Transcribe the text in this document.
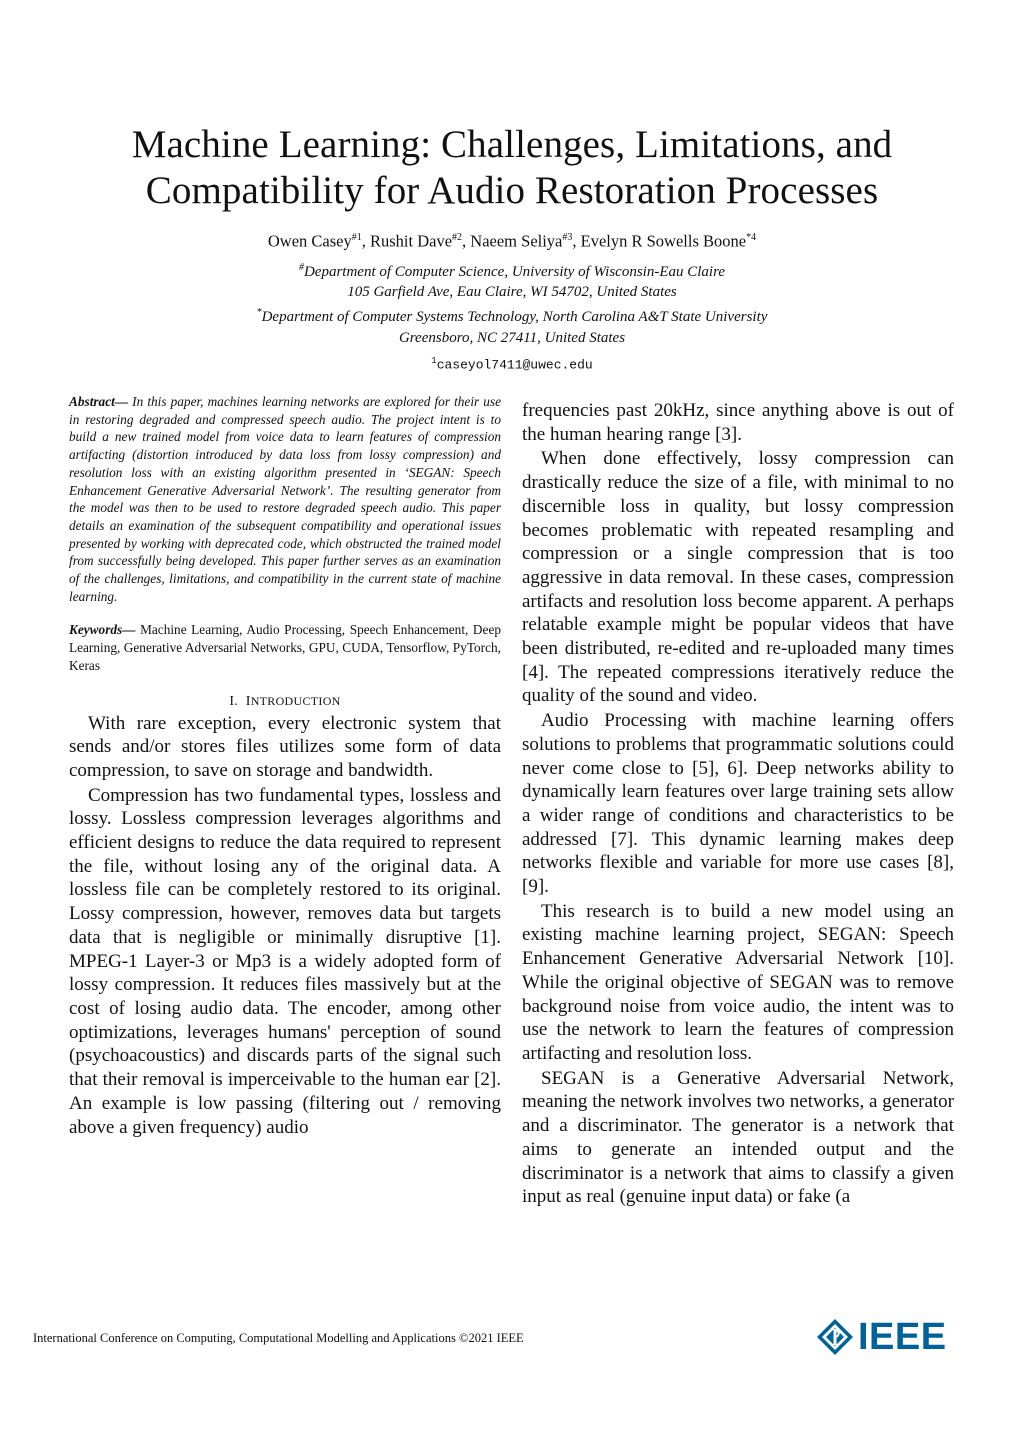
Machine Learning: Challenges, Limitations, and
Compatibility for Audio Restoration Processes
Owen Casey$^{\#1}$, Rushit Dave$^{\#2}$, Naeem Seliya$^{\#3}$, Evelyn R Sowells Boone$^{*4}$
#Department of Computer Science, University of Wisconsin-Eau Claire
105 Garfield Ave, Eau Claire, WI 54702, United States
*Department of Computer Systems Technology, North Carolina A&T State University
Greensboro, NC 27411, United States
$^1$caseyol7411@uwec.edu

Abstract— In this paper, machines learning networks are explored for their use in restoring degraded and compressed speech audio. The project intent is to build a new trained model from voice data to learn features of compression artifacting (distortion introduced by data loss from lossy compression) and resolution loss with an existing algorithm presented in ‘SEGAN: Speech Enhancement Generative Adversarial Network’. The resulting generator from the model was then to be used to restore degraded speech audio. This paper details an examination of the subsequent compatibility and operational issues presented by working with deprecated code, which obstructed the trained model from successfully being developed. This paper further serves as an examination of the challenges, limitations, and compatibility in the current state of machine learning.

Keywords— Machine Learning, Audio Processing, Speech Enhancement, Deep Learning, Generative Adversarial Networks, GPU, CUDA, Tensorflow, PyTorch, Keras
I. INTRODUCTION

With rare exception, every electronic system that sends and/or stores files utilizes some form of data compression, to save on storage and bandwidth.

Compression has two fundamental types, lossless and lossy. Lossless compression leverages algorithms and efficient designs to reduce the data required to represent the file, without losing any of the original data. A lossless file can be completely restored to its original. Lossy compression, however, removes data but targets data that is negligible or minimally disruptive [1]. MPEG-1 Layer-3 or Mp3 is a widely adopted form of lossy compression. It reduces files massively but at the cost of losing audio data. The encoder, among other optimizations, leverages humans' perception of sound (psychoacoustics) and discards parts of the signal such that their removal is imperceivable to the human ear [2]. An example is low passing (filtering out / removing above a given frequency) audio

frequencies past 20kHz, since anything above is out of the human hearing range [3].

When done effectively, lossy compression can drastically reduce the size of a file, with minimal to no discernible loss in quality, but lossy compression becomes problematic with repeated resampling and compression or a single compression that is too aggressive in data removal. In these cases, compression artifacts and resolution loss become apparent. A perhaps relatable example might be popular videos that have been distributed, re-edited and re-uploaded many times [4]. The repeated compressions iteratively reduce the quality of the sound and video.

Audio Processing with machine learning offers solutions to problems that programmatic solutions could never come close to [5], 6]. Deep networks ability to dynamically learn features over large training sets allow a wider range of conditions and characteristics to be addressed [7]. This dynamic learning makes deep networks flexible and variable for more use cases [8], [9].

This research is to build a new model using an existing machine learning project, SEGAN: Speech Enhancement Generative Adversarial Network [10]. While the original objective of SEGAN was to remove background noise from voice audio, the intent was to use the network to learn the features of compression artifacting and resolution loss.

SEGAN is a Generative Adversarial Network, meaning the network involves two networks, a generator and a discriminator. The generator is a network that aims to generate an intended output and the discriminator is a network that aims to classify a given input as real (genuine input data) or fake (a

International Conference on Computing, Computational Modelling and Applications ©2021 IEEE	IEEE
